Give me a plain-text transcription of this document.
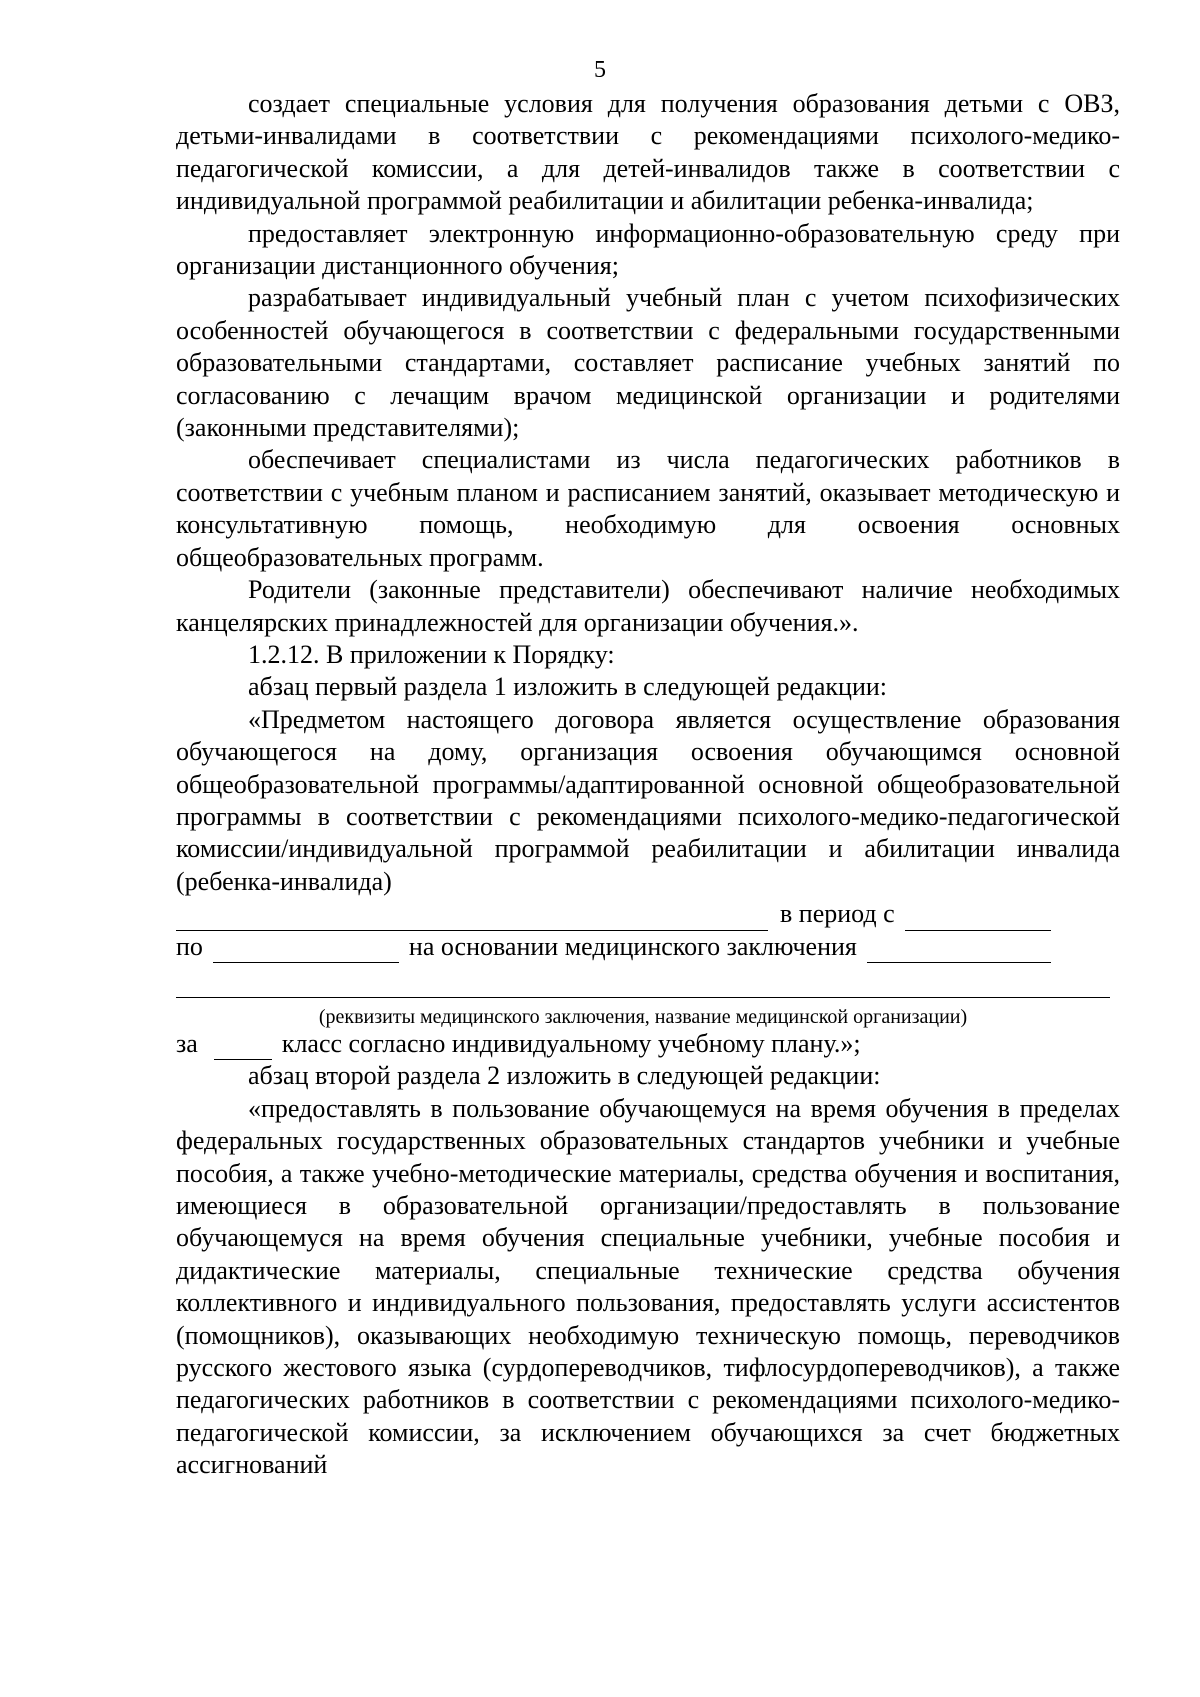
5

создает специальные условия для получения образования детьми с ОВЗ, детьми-инвалидами в соответствии с рекомендациями психолого-медико-педагогической комиссии, а для детей-инвалидов также в соответствии с индивидуальной программой реабилитации и абилитации ребенка-инвалида;

предоставляет электронную информационно-образовательную среду при организации дистанционного обучения;

разрабатывает индивидуальный учебный план с учетом психофизических особенностей обучающегося в соответствии с федеральными государственными образовательными стандартами, составляет расписание учебных занятий по согласованию с лечащим врачом медицинской организации и родителями (законными представителями);

обеспечивает специалистами из числа педагогических работников в соответствии с учебным планом и расписанием занятий, оказывает методическую и консультативную помощь, необходимую для освоения основных общеобразовательных программ.

Родители (законные представители) обеспечивают наличие необходимых канцелярских принадлежностей для организации обучения.».

1.2.12. В приложении к Порядку:

абзац первый раздела 1 изложить в следующей редакции:

«Предметом настоящего договора является осуществление образования обучающегося на дому, организация освоения обучающимся основной общеобразовательной программы/адаптированной основной общеобразовательной программы в соответствии с рекомендациями психолого-медико-педагогической комиссии/индивидуальной программой реабилитации и абилитации инвалида (ребенка-инвалида)

в период с
по	на основании медицинского заключения
(реквизиты медицинского заключения, название медицинской организации)
за	класс согласно индивидуальному учебному плану.»;

абзац второй раздела 2 изложить в следующей редакции:

«предоставлять в пользование обучающемуся на время обучения в пределах федеральных государственных образовательных стандартов учебники и учебные пособия, а также учебно-методические материалы, средства обучения и воспитания, имеющиеся в образовательной организации/предоставлять в пользование обучающемуся на время обучения специальные учебники, учебные пособия и дидактические материалы, специальные технические средства обучения коллективного и индивидуального пользования, предоставлять услуги ассистентов (помощников), оказывающих необходимую техническую помощь, переводчиков русского жестового языка (сурдопереводчиков, тифлосурдопереводчиков), а также педагогических работников в соответствии с рекомендациями психолого-медико-педагогической комиссии, за исключением обучающихся за счет бюджетных ассигнований
